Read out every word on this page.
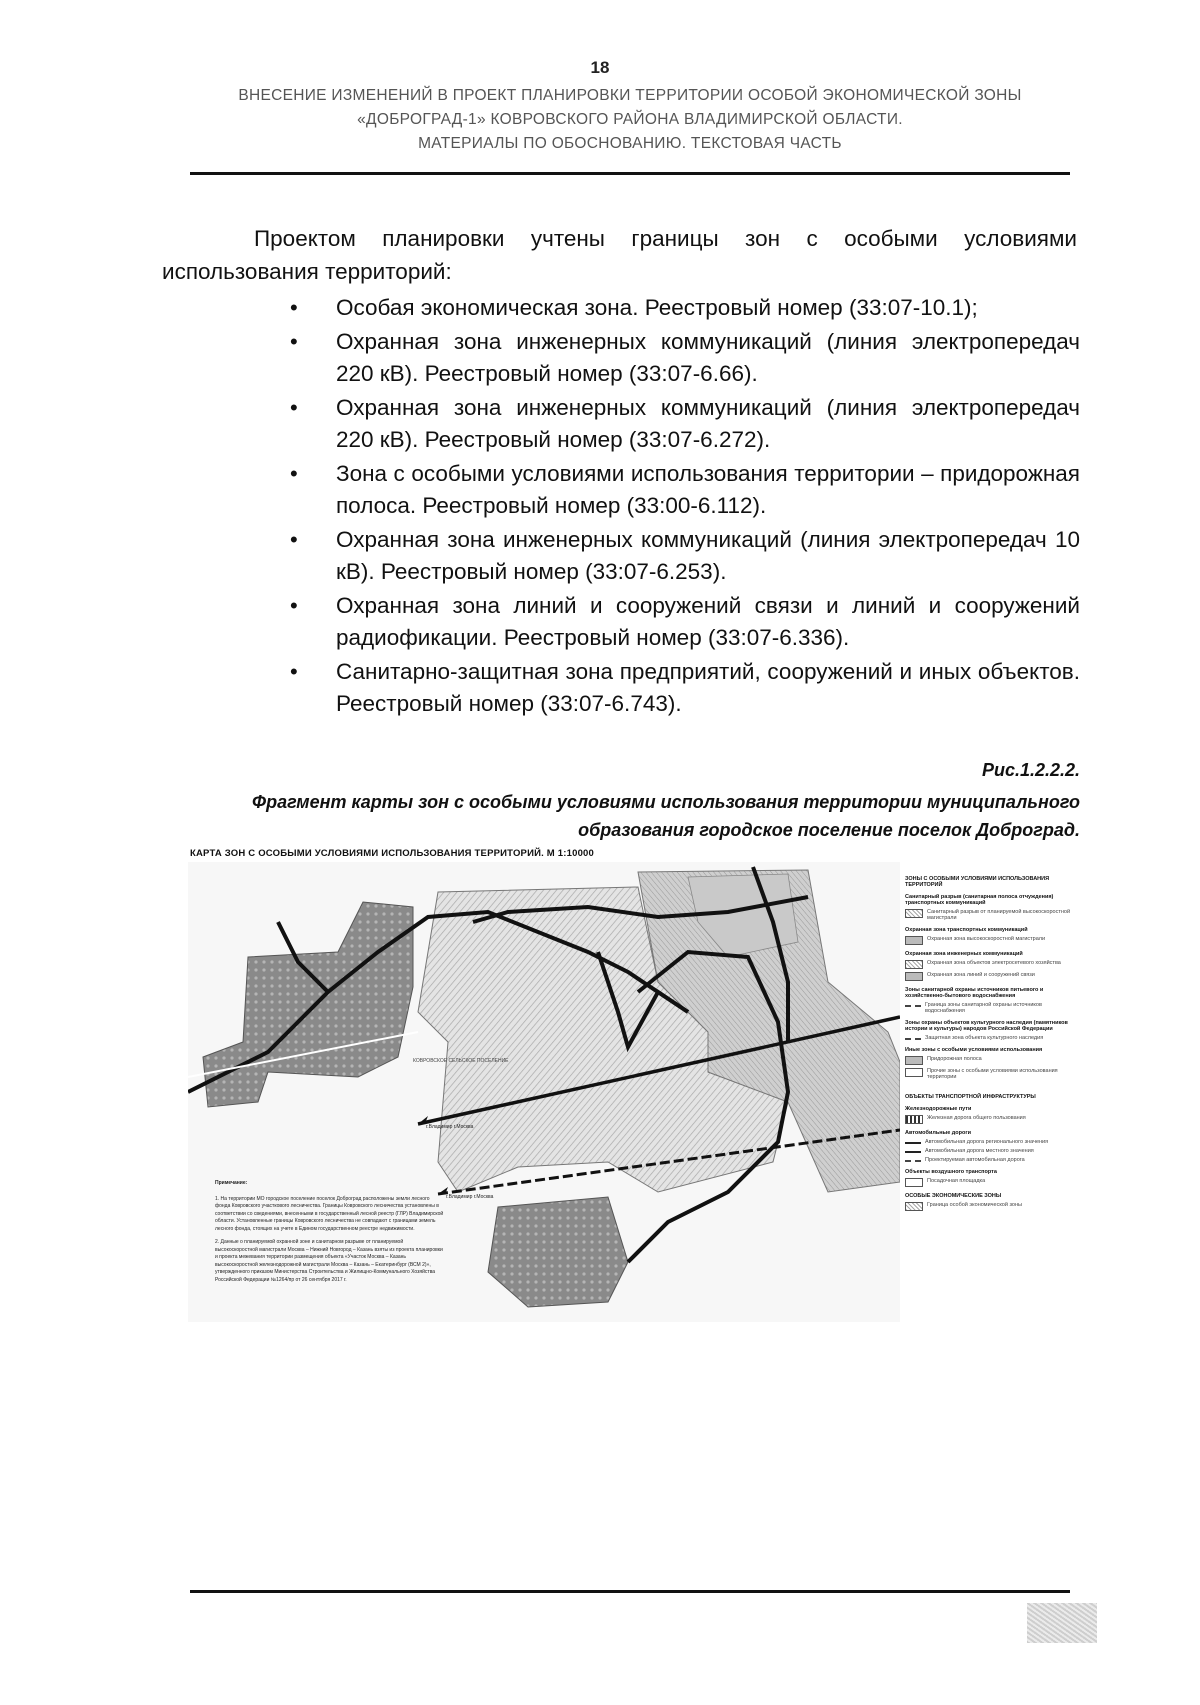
18
ВНЕСЕНИЕ ИЗМЕНЕНИЙ В ПРОЕКТ ПЛАНИРОВКИ ТЕРРИТОРИИ ОСОБОЙ ЭКОНОМИЧЕСКОЙ ЗОНЫ
«ДОБРОГРАД-1» КОВРОВСКОГО РАЙОНА ВЛАДИМИРСКОЙ ОБЛАСТИ.
МАТЕРИАЛЫ ПО ОБОСНОВАНИЮ. ТЕКСТОВАЯ ЧАСТЬ
Проектом планировки учтены границы зон с особыми условиями
использования территорий:
• Особая экономическая зона. Реестровый номер (33:07-10.1);
• Охранная зона инженерных коммуникаций (линия электропередач 220 кВ). Реестровый номер (33:07-6.66).
• Охранная зона инженерных коммуникаций (линия электропередач 220 кВ). Реестровый номер (33:07-6.272).
• Зона с особыми условиями использования территории – придорожная полоса. Реестровый номер (33:00-6.112).
• Охранная зона инженерных коммуникаций (линия электропередач 10 кВ). Реестровый номер (33:07-6.253).
• Охранная зона линий и сооружений связи и линий и сооружений радиофикации. Реестровый номер (33:07-6.336).
• Санитарно-защитная зона предприятий, сооружений и иных объектов. Реестровый номер (33:07-6.743).
Рис.1.2.2.2.
Фрагмент карты зон с особыми условиями использования территории муниципального
образования городское поселение поселок Доброград.
КАРТА ЗОН С ОСОБЫМИ УСЛОВИЯМИ ИСПОЛЬЗОВАНИЯ ТЕРРИТОРИЙ. М 1:10000
г.Владимир г.Москва
г.Владимир г.Москва
КОВРОВСКОЕ СЕЛЬСКОЕ ПОСЕЛЕНИЕ
ЗОНЫ С ОСОБЫМИ УСЛОВИЯМИ ИСПОЛЬЗОВАНИЯ ТЕРРИТОРИЙ
Санитарный разрыв (санитарная полоса отчуждения) транспортных коммуникаций
Санитарный разрыв от планируемой высокоскоростной магистрали
Охранная зона транспортных коммуникаций
Охранная зона высокоскоростной магистрали
Охранная зона инженерных коммуникаций
Охранная зона объектов электросетевого хозяйства
Охранная зона линий и сооружений связи
Зоны санитарной охраны источников питьевого и хозяйственно-бытового водоснабжения
Граница зоны санитарной охраны источников водоснабжения
Зоны охраны объектов культурного наследия (памятников истории и культуры) народов Российской Федерации
Защитная зона объекта культурного наследия
Иные зоны с особыми условиями использования
Придорожная полоса
Прочие зоны с особыми условиями использования территории
ОБЪЕКТЫ ТРАНСПОРТНОЙ ИНФРАСТРУКТУРЫ
Железнодорожные пути
Железная дорога общего пользования
Автомобильные дороги
Автомобильная дорога регионального значения
Автомобильная дорога местного значения
Проектируемая автомобильная дорога
Объекты воздушного транспорта
Посадочная площадка
ОСОБЫЕ ЭКОНОМИЧЕСКИЕ ЗОНЫ
Граница особой экономической зоны
Примечание:

1. На территории МО городское поселение поселок Доброград расположены земли лесного фонда Ковровского участкового лесничества. Границы Ковровского лесничества установлены в соответствии со сведениями, внесенными в государственный лесной реестр (ГЛР) Владимирской области. Установленные границы Ковровского лесничества не совпадают с границами земель лесного фонда, стоящих на учете в Едином государственном реестре недвижимости.

2. Данные о планируемой охранной зоне и санитарном разрыве от планируемой высокоскоростной магистрали Москва – Нижний Новгород – Казань взяты из проекта планировки и проекта межевания территории размещения объекта «Участок Москва – Казань высокоскоростной железнодорожной магистрали Москва – Казань – Екатеринбург (ВСМ 2)», утвержденного приказом Министерства Строительства и Жилищно-Коммунального Хозяйства Российской Федерации №1264/пр от 26 сентября 2017 г.
